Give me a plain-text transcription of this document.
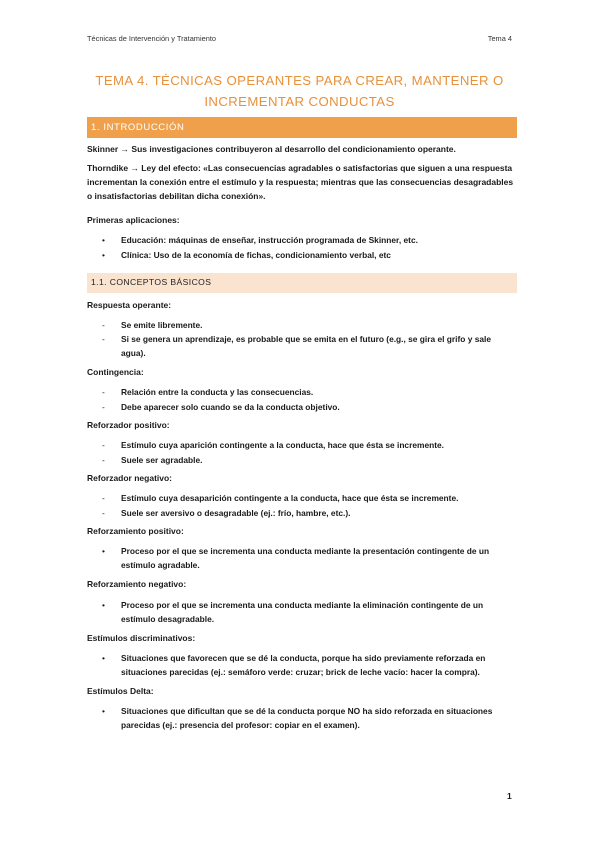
Técnicas de Intervención y Tratamiento	Tema 4
TEMA 4. TÉCNICAS OPERANTES PARA CREAR, MANTENER O
INCREMENTAR CONDUCTAS
1. INTRODUCCIÓN
Skinner → Sus investigaciones contribuyeron al desarrollo del condicionamiento operante.
Thorndike → Ley del efecto: «Las consecuencias agradables o satisfactorias que siguen a una respuesta
incrementan la conexión entre el estímulo y la respuesta; mientras que las consecuencias desagradables
o insatisfactorias debilitan dicha conexión».
Primeras aplicaciones:
• Educación: máquinas de enseñar, instrucción programada de Skinner, etc.
• Clínica: Uso de la economía de fichas, condicionamiento verbal, etc
1.1. CONCEPTOS BÁSICOS
Respuesta operante:
- Se emite libremente.
- Si se genera un aprendizaje, es probable que se emita en el futuro (e.g., se gira el grifo y sale
agua).
Contingencia:
- Relación entre la conducta y las consecuencias.
- Debe aparecer solo cuando se da la conducta objetivo.
Reforzador positivo:
- Estímulo cuya aparición contingente a la conducta, hace que ésta se incremente.
- Suele ser agradable.
Reforzador negativo:
- Estímulo cuya desaparición contingente a la conducta, hace que ésta se incremente.
- Suele ser aversivo o desagradable (ej.: frío, hambre, etc.).
Reforzamiento positivo:
• Proceso por el que se incrementa una conducta mediante la presentación contingente de un
estímulo agradable.
Reforzamiento negativo:
• Proceso por el que se incrementa una conducta mediante la eliminación contingente de un
estímulo desagradable.
Estímulos discriminativos:
• Situaciones que favorecen que se dé la conducta, porque ha sido previamente reforzada en
situaciones parecidas (ej.: semáforo verde: cruzar; brick de leche vacío: hacer la compra).
Estímulos Delta:
• Situaciones que dificultan que se dé la conducta porque NO ha sido reforzada en situaciones
parecidas (ej.: presencia del profesor: copiar en el examen).
1
